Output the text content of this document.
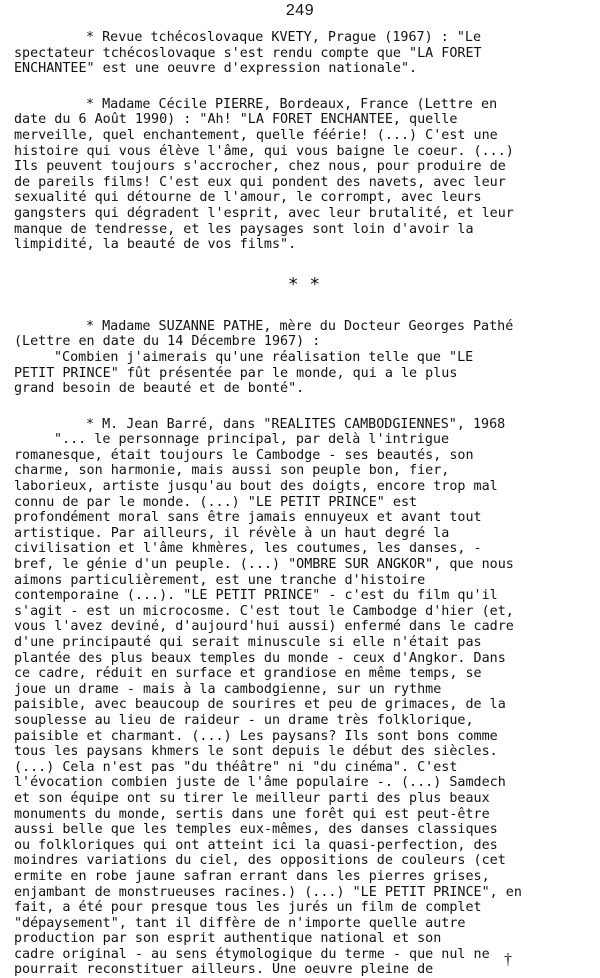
249

* Revue tchécoslovaque KVETY, Prague (1967) : "Le

spectateur tchécoslovaque s'est rendu compte que "LA FORET

ENCHANTEE" est une oeuvre d'expression nationale".

* Madame Cécile PIERRE, Bordeaux, France (Lettre en

date du 6 Août 1990) : "Ah! "LA FORET ENCHANTEE, quelle

merveille, quel enchantement, quelle féérie! (...) C'est une

histoire qui vous élève l'âme, qui vous baigne le coeur. (...)

Ils peuvent toujours s'accrocher, chez nous, pour produire de

de pareils films! C'est eux qui pondent des navets, avec leur

sexualité qui détourne de l'amour, le corrompt, avec leurs

gangsters qui dégradent l'esprit, avec leur brutalité, et leur

manque de tendresse, et les paysages sont loin d'avoir la

limpidité, la beauté de vos films".

* *

* Madame SUZANNE PATHE, mère du Docteur Georges Pathé

(Lettre en date du 14 Décembre 1967) :

"Combien j'aimerais qu'une réalisation telle que "LE

PETIT PRINCE" fût présentée par le monde, qui a le plus

grand besoin de beauté et de bonté".

* M. Jean Barré, dans "REALITES CAMBODGIENNES", 1968

"... le personnage principal, par delà l'intrigue

romanesque, était toujours le Cambodge - ses beautés, son

charme, son harmonie, mais aussi son peuple bon, fier,

laborieux, artiste jusqu'au bout des doigts, encore trop mal

connu de par le monde. (...) "LE PETIT PRINCE" est

profondément moral sans être jamais ennuyeux et avant tout

artistique. Par ailleurs, il révèle à un haut degré la

civilisation et l'âme khmères, les coutumes, les danses, -

bref, le génie d'un peuple. (...) "OMBRE SUR ANGKOR", que nous

aimons particulièrement, est une tranche d'histoire

contemporaine (...). "LE PETIT PRINCE" - c'est du film qu'il

s'agit - est un microcosme. C'est tout le Cambodge d'hier (et,

vous l'avez deviné, d'aujourd'hui aussi) enfermé dans le cadre

d'une principauté qui serait minuscule si elle n'était pas

plantée des plus beaux temples du monde - ceux d'Angkor. Dans

ce cadre, réduit en surface et grandiose en même temps, se

joue un drame - mais à la cambodgienne, sur un rythme

paisible, avec beaucoup de sourires et peu de grimaces, de la

souplesse au lieu de raideur - un drame très folklorique,

paisible et charmant. (...) Les paysans? Ils sont bons comme

tous les paysans khmers le sont depuis le début des siècles.

(...) Cela n'est pas "du théâtre" ni "du cinéma". C'est

l'évocation combien juste de l'âme populaire -. (...) Samdech

et son équipe ont su tirer le meilleur parti des plus beaux

monuments du monde, sertis dans une forêt qui est peut-être

aussi belle que les temples eux-mêmes, des danses classiques

ou folkloriques qui ont atteint ici la quasi-perfection, des

moindres variations du ciel, des oppositions de couleurs (cet

ermite en robe jaune safran errant dans les pierres grises,

enjambant de monstrueuses racines.) (...) "LE PETIT PRINCE", en

fait, a été pour presque tous les jurés un film de complet

"dépaysement", tant il diffère de n'importe quelle autre

production par son esprit authentique national et son

cadre original - au sens étymologique du terme - que nul ne

pourrait reconstituer ailleurs. Une oeuvre pleine de

†
